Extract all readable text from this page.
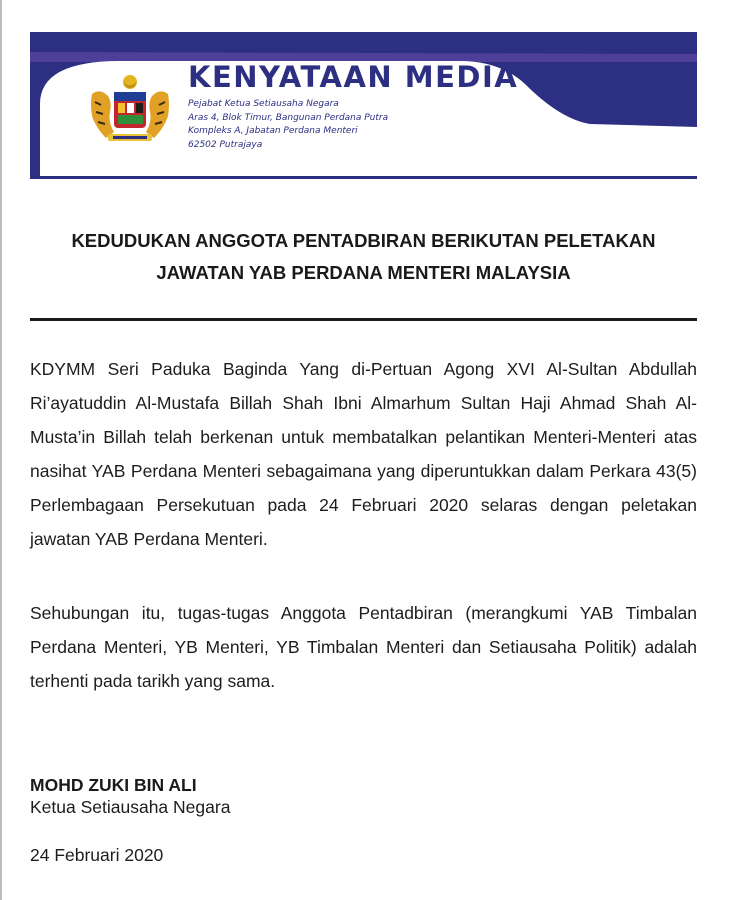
KENYATAAN MEDIA
Pejabat Ketua Setiausaha Negara
Aras 4, Blok Timur, Bangunan Perdana Putra
Kompleks A, Jabatan Perdana Menteri
62502 Putrajaya
KEDUDUKAN ANGGOTA PENTADBIRAN BERIKUTAN PELETAKAN
JAWATAN YAB PERDANA MENTERI MALAYSIA
KDYMM Seri Paduka Baginda Yang di-Pertuan Agong XVI Al-Sultan Abdullah Ri’ayatuddin Al-Mustafa Billah Shah Ibni Almarhum Sultan Haji Ahmad Shah Al-Musta’in Billah telah berkenan untuk membatalkan pelantikan Menteri-Menteri atas nasihat YAB Perdana Menteri sebagaimana yang diperuntukkan dalam Perkara 43(5) Perlembagaan Persekutuan pada 24 Februari 2020 selaras dengan peletakan jawatan YAB Perdana Menteri.
Sehubungan itu, tugas-tugas Anggota Pentadbiran (merangkumi YAB Timbalan Perdana Menteri, YB Menteri, YB Timbalan Menteri dan Setiausaha Politik) adalah terhenti pada tarikh yang sama.
MOHD ZUKI BIN ALI
Ketua Setiausaha Negara
24 Februari 2020
